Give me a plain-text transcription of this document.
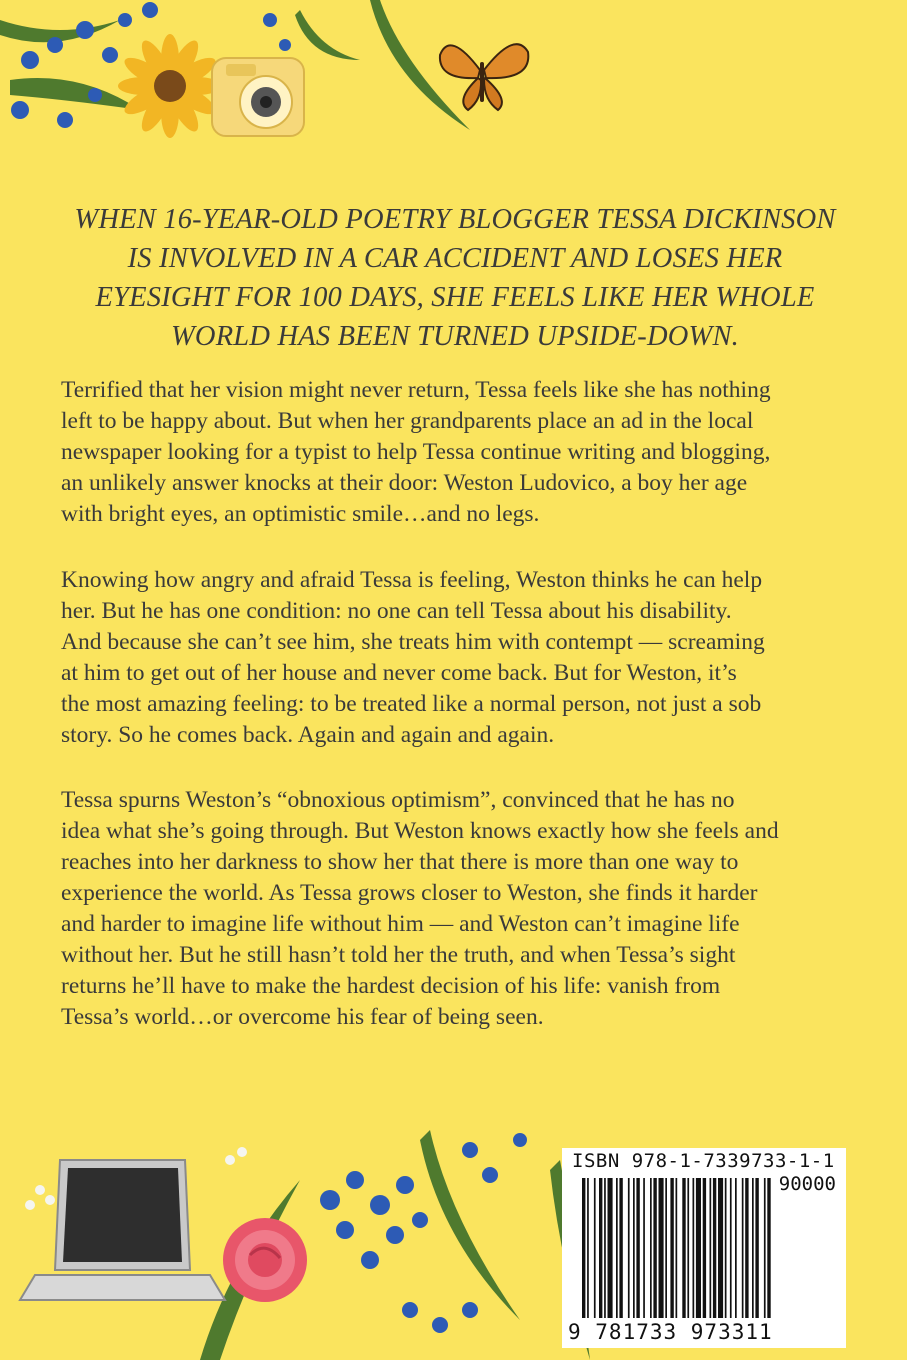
WHEN 16-YEAR-OLD POETRY BLOGGER TESSA DICKINSON
IS INVOLVED IN A CAR ACCIDENT AND LOSES HER
EYESIGHT FOR 100 DAYS, SHE FEELS LIKE HER WHOLE
WORLD HAS BEEN TURNED UPSIDE-DOWN.
Terrified that her vision might never return, Tessa feels like she has nothing
left to be happy about. But when her grandparents place an ad in the local
newspaper looking for a typist to help Tessa continue writing and blogging,
an unlikely answer knocks at their door: Weston Ludovico, a boy her age
with bright eyes, an optimistic smile…and no legs.
Knowing how angry and afraid Tessa is feeling, Weston thinks he can help
her. But he has one condition: no one can tell Tessa about his disability.
And because she can’t see him, she treats him with contempt — screaming
at him to get out of her house and never come back. But for Weston, it’s
the most amazing feeling: to be treated like a normal person, not just a sob
story. So he comes back. Again and again and again.
Tessa spurns Weston’s “obnoxious optimism”, convinced that he has no
idea what she’s going through. But Weston knows exactly how she feels and
reaches into her darkness to show her that there is more than one way to
experience the world. As Tessa grows closer to Weston, she finds it harder
and harder to imagine life without him — and Weston can’t imagine life
without her. But he still hasn’t told her the truth, and when Tessa’s sight
returns he’ll have to make the hardest decision of his life: vanish from
Tessa’s world…or overcome his fear of being seen.
ISBN 978-1-7339733-1-1
90000
9 781733 973311
